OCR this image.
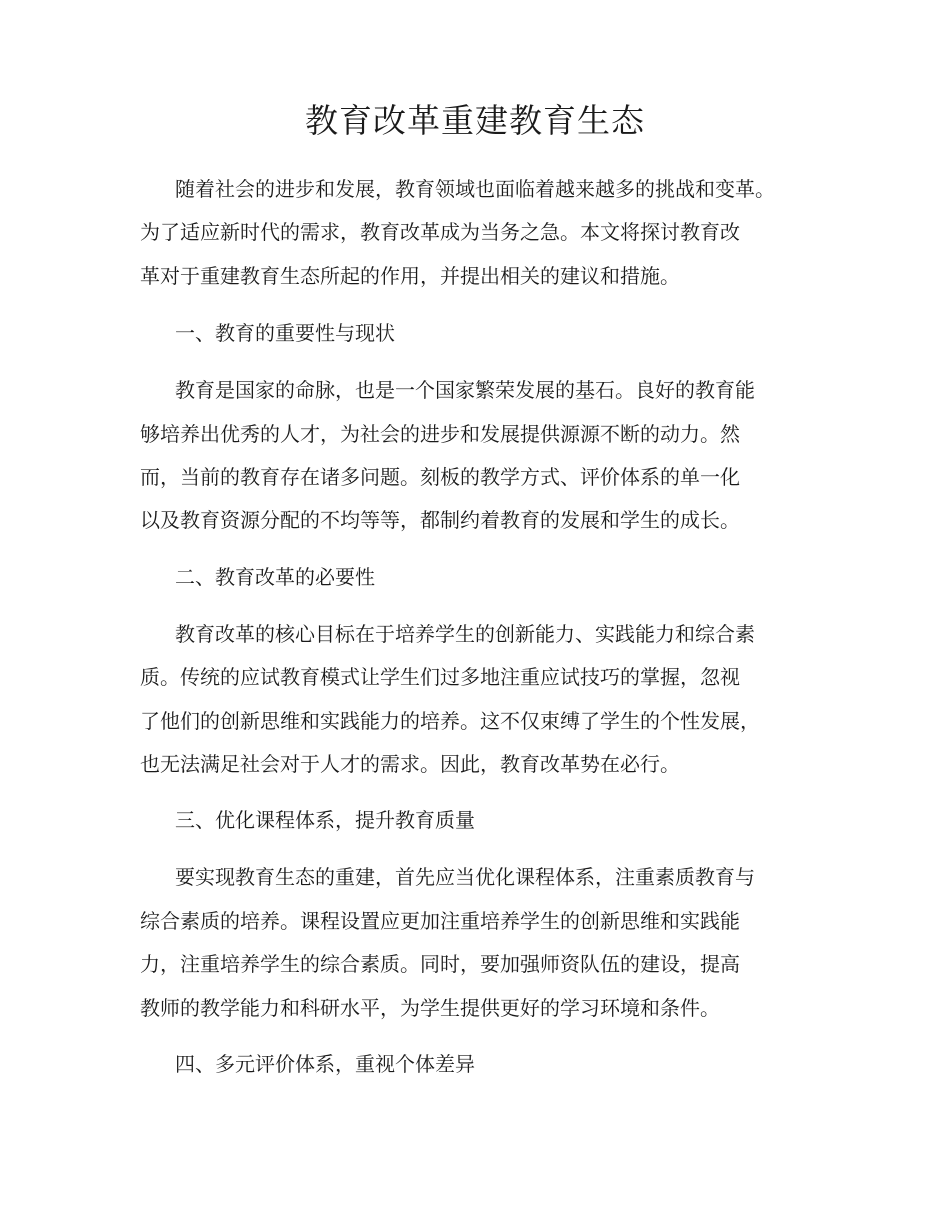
教育改革重建教育生态

随着社会的进步和发展，教育领域也面临着越来越多的挑战和变革。

为了适应新时代的需求，教育改革成为当务之急。本文将探讨教育改

革对于重建教育生态所起的作用，并提出相关的建议和措施。

一、教育的重要性与现状

教育是国家的命脉，也是一个国家繁荣发展的基石。良好的教育能

够培养出优秀的人才，为社会的进步和发展提供源源不断的动力。然

而，当前的教育存在诸多问题。刻板的教学方式、评价体系的单一化

以及教育资源分配的不均等等，都制约着教育的发展和学生的成长。

二、教育改革的必要性

教育改革的核心目标在于培养学生的创新能力、实践能力和综合素

质。传统的应试教育模式让学生们过多地注重应试技巧的掌握，忽视

了他们的创新思维和实践能力的培养。这不仅束缚了学生的个性发展，

也无法满足社会对于人才的需求。因此，教育改革势在必行。

三、优化课程体系，提升教育质量

要实现教育生态的重建，首先应当优化课程体系，注重素质教育与

综合素质的培养。课程设置应更加注重培养学生的创新思维和实践能

力，注重培养学生的综合素质。同时，要加强师资队伍的建设，提高

教师的教学能力和科研水平，为学生提供更好的学习环境和条件。

四、多元评价体系，重视个体差异
